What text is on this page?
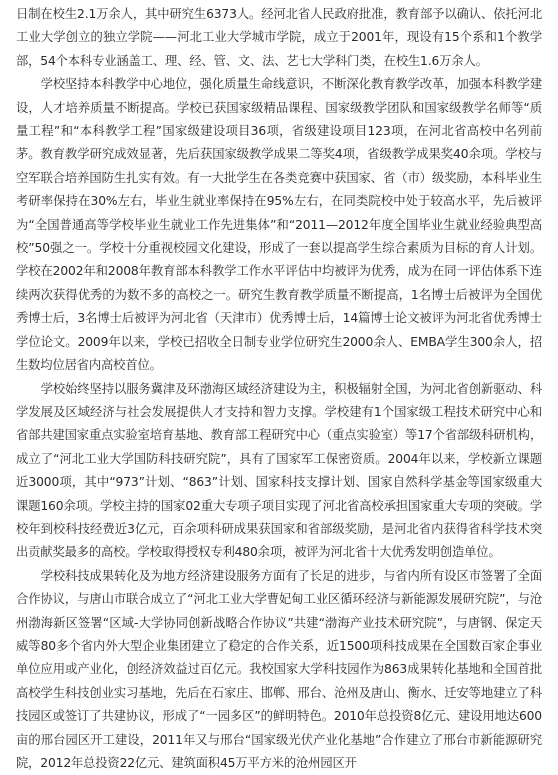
日制在校生2.1万余人，其中研究生6373人。经河北省人民政府批准，教育部予以确认、依托河北工业大学创立的独立学院——河北工业大学城市学院，成立于2001年，现设有15个系和1个教学部，54个本科专业涵盖工、理、经、管、文、法、艺七大学科门类，在校生1.6万余人。

学校坚持本科教学中心地位，强化质量生命线意识，不断深化教育教学改革，加强本科教学建设，人才培养质量不断提高。学校已获国家级精品课程、国家级教学团队和国家级教学名师等“质量工程”和“本科教学工程”国家级建设项目36项，省级建设项目123项，在河北省高校中名列前茅。教育教学研究成效显著，先后获国家级教学成果二等奖4项，省级教学成果奖40余项。学校与空军联合培养国防生扎实有效。有一大批学生在各类竞赛中获国家、省（市）级奖励，本科毕业生考研率保持在30%左右，毕业生就业率保持在95%左右，在同类院校中处于较高水平，先后被评为“全国普通高等学校毕业生就业工作先进集体”和“2011—2012年度全国毕业生就业经验典型高校”50强之一。学校十分重视校园文化建设，形成了一套以提高学生综合素质为目标的育人计划。学校在2002年和2008年教育部本科教学工作水平评估中均被评为优秀，成为在同一评估体系下连续两次获得优秀的为数不多的高校之一。研究生教育教学质量不断提高，1名博士后被评为全国优秀博士后，3名博士后被评为河北省（天津市）优秀博士后，14篇博士论文被评为河北省优秀博士学位论文。2009年以来，学校已招收全日制专业学位研究生2000余人、EMBA学生300余人，招生数均位居省内高校首位。

学校始终坚持以服务冀津及环渤海区域经济建设为主，积极辐射全国，为河北省创新驱动、科学发展及区域经济与社会发展提供人才支持和智力支撑。学校建有1个国家级工程技术研究中心和省部共建国家重点实验室培育基地、教育部工程研究中心（重点实验室）等17个省部级科研机构，成立了“河北工业大学国防科技研究院”，具有了国家军工保密资质。2004年以来，学校新立课题近3000项，其中“973”计划、“863”计划、国家科技支撑计划、国家自然科学基金等国家级重大课题160余项。学校主持的国家02重大专项子项目实现了河北省高校承担国家重大专项的突破。学校年到校科技经费近3亿元，百余项科研成果获国家和省部级奖励，是河北省内获得省科学技术突出贡献奖最多的高校。学校取得授权专利480余项，被评为河北省十大优秀发明创造单位。

学校科技成果转化及为地方经济建设服务方面有了长足的进步，与省内所有设区市签署了全面合作协议，与唐山市联合成立了“河北工业大学曹妃甸工业区循环经济与新能源发展研究院”，与沧州渤海新区签署“区域-大学协同创新战略合作协议”共建“渤海产业技术研究院”，与唐钢、保定天威等80多个省内外大型企业集团建立了稳定的合作关系，近1500项科技成果在全国数百家企事业单位应用或产业化，创经济效益过百亿元。我校国家大学科技园作为863成果转化基地和全国首批高校学生科技创业实习基地，先后在石家庄、邯郸、邢台、沧州及唐山、衡水、迁安等地建立了科技园区或签订了共建协议，形成了“一园多区”的鲜明特色。2010年总投资8亿元、建设用地达600亩的邢台园区开工建设，2011年又与邢台“国家级光伏产业化基地”合作建立了邢台市新能源研究院，2012年总投资22亿元、建筑面积45万平方米的沧州园区开
